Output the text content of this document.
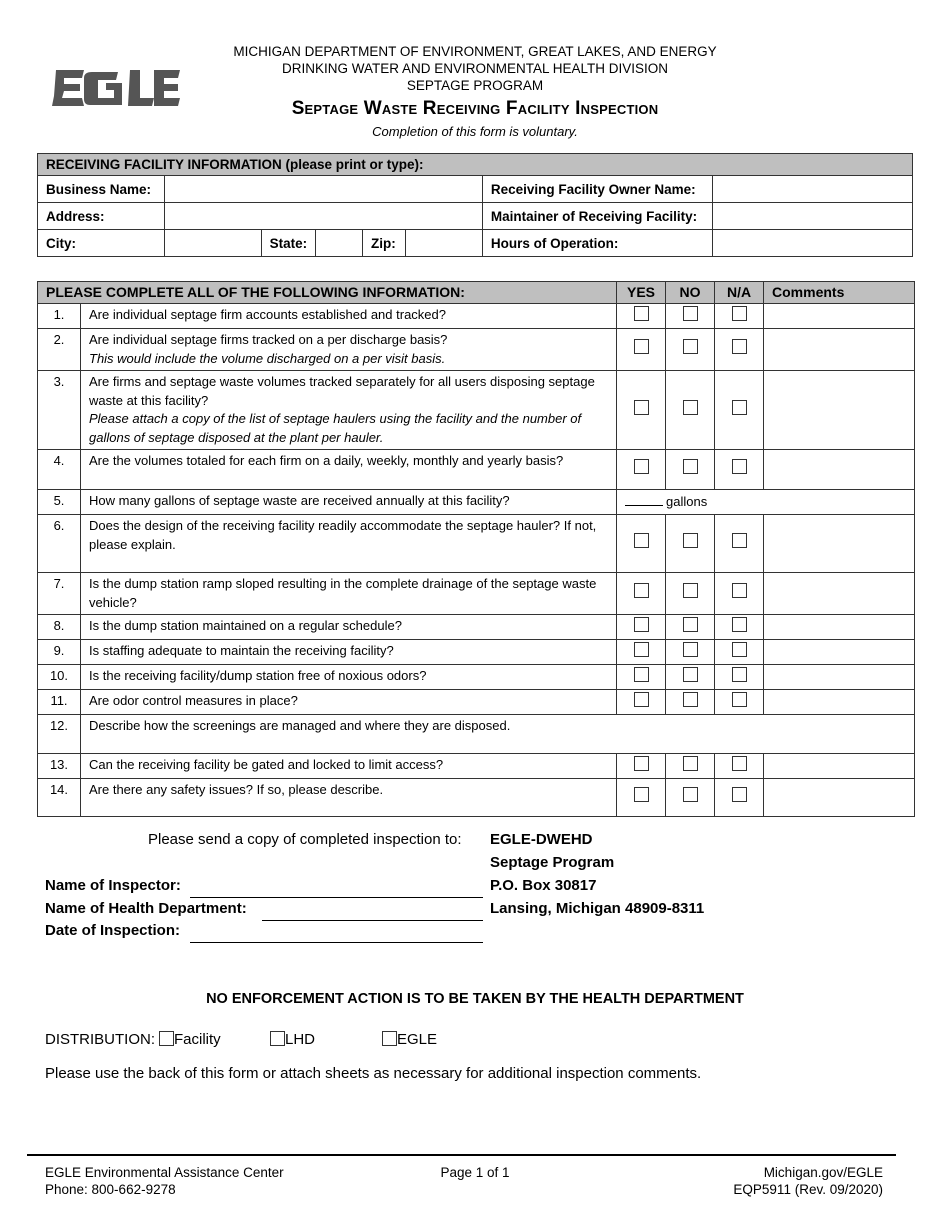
EGLE
MICHIGAN DEPARTMENT OF ENVIRONMENT, GREAT LAKES, AND ENERGY
DRINKING WATER AND ENVIRONMENTAL HEALTH DIVISION
SEPTAGE PROGRAM
Septage Waste Receiving Facility Inspection
Completion of this form is voluntary.
RECEIVING FACILITY INFORMATION (please print or type):							
Business Name:						Receiving Facility Owner Name:	
Address:						Maintainer of Receiving Facility:	
City:		State:		Zip:		Hours of Operation:	
PLEASE COMPLETE ALL OF THE FOLLOWING INFORMATION:		YES	NO	N/A	Comments
1.	Are individual septage firm accounts established and tracked?				
2.	Are individual septage firms tracked on a per discharge basis?
This would include the volume discharged on a per visit basis.				

3.	Are firms and septage waste volumes tracked separately for all users disposing septage waste at this facility?
Please attach a copy of the list of septage haulers using the facility and the number of gallons of septage disposed at the plant per hauler.				

4.	Are the volumes totaled for each firm on a daily, weekly, monthly and yearly basis?				
5.	How many gallons of septage waste are received annually at this facility?	gallons			
6.	Does the design of the receiving facility readily accommodate the septage hauler? If not, please explain.				
7.	Is the dump station ramp sloped resulting in the complete drainage of the septage waste vehicle?				
8.	Is the dump station maintained on a regular schedule?				
9.	Is staffing adequate to maintain the receiving facility?				
10.	Is the receiving facility/dump station free of noxious odors?				
11.	Are odor control measures in place?				
12.	Describe how the screenings are managed and where they are disposed.				
13.	Can the receiving facility be gated and locked to limit access?				
14.	Are there any safety issues? If so, please describe.				
Please send a copy of completed inspection to: EGLE-DWEHD
Septage Program
P.O. Box 30817
Lansing, Michigan 48909-8311
Name of Inspector:
Name of Health Department:
Date of Inspection:
NO ENFORCEMENT ACTION IS TO BE TAKEN BY THE HEALTH DEPARTMENT
DISTRIBUTION:	Facility	LHD	EGLE
Please use the back of this form or attach sheets as necessary for additional inspection comments.
EGLE Environmental Assistance Center
Phone: 800-662-9278
Page 1 of 1	Michigan.gov/EGLE
EQP5911 (Rev. 09/2020)
